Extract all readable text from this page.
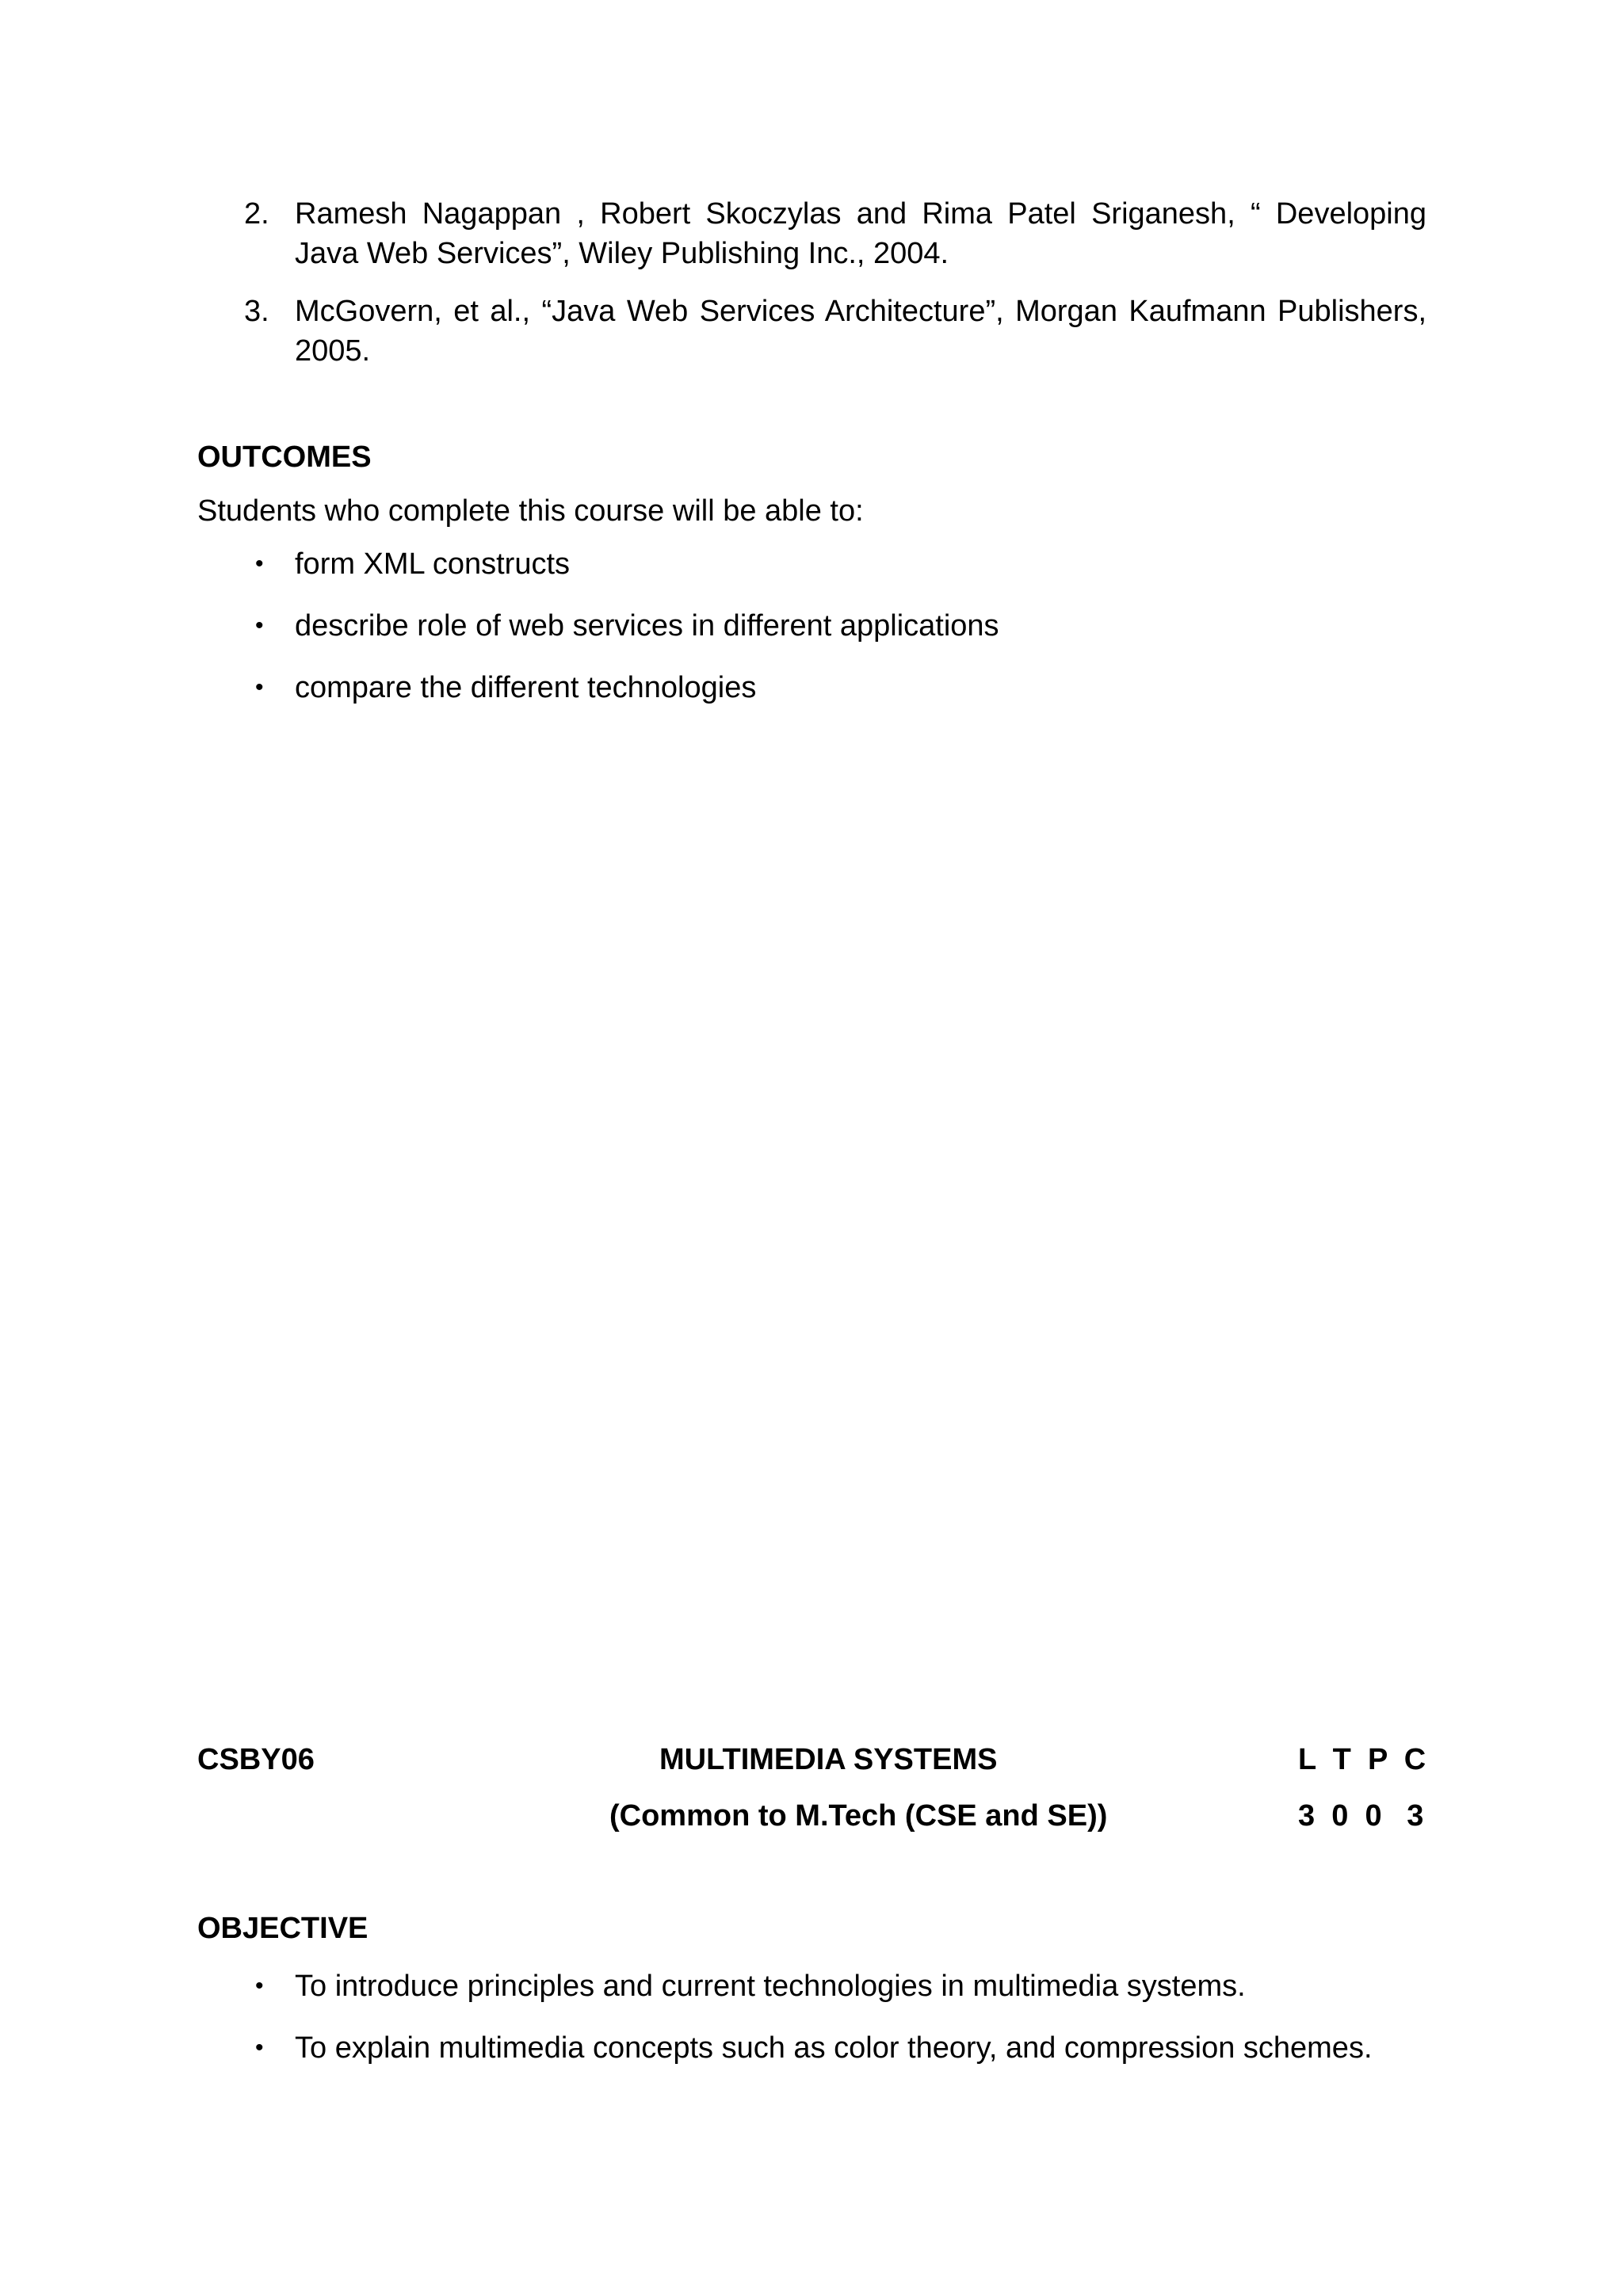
2. Ramesh Nagappan , Robert Skoczylas and Rima Patel Sriganesh, “ Developing Java Web Services”, Wiley Publishing Inc., 2004.
3. McGovern, et al., “Java Web Services Architecture”, Morgan Kaufmann Publishers, 2005.
OUTCOMES
Students who complete this course will be able to:
•	form XML constructs
•	describe role of web services in different applications
•	compare the different technologies
CSBY06	MULTIMEDIA SYSTEMS	L  T  P  C
(Common to M.Tech (CSE and SE))	3  0  0   3
OBJECTIVE
•	To introduce principles and current technologies in multimedia systems.
•	To explain multimedia concepts such as color theory, and compression schemes.
